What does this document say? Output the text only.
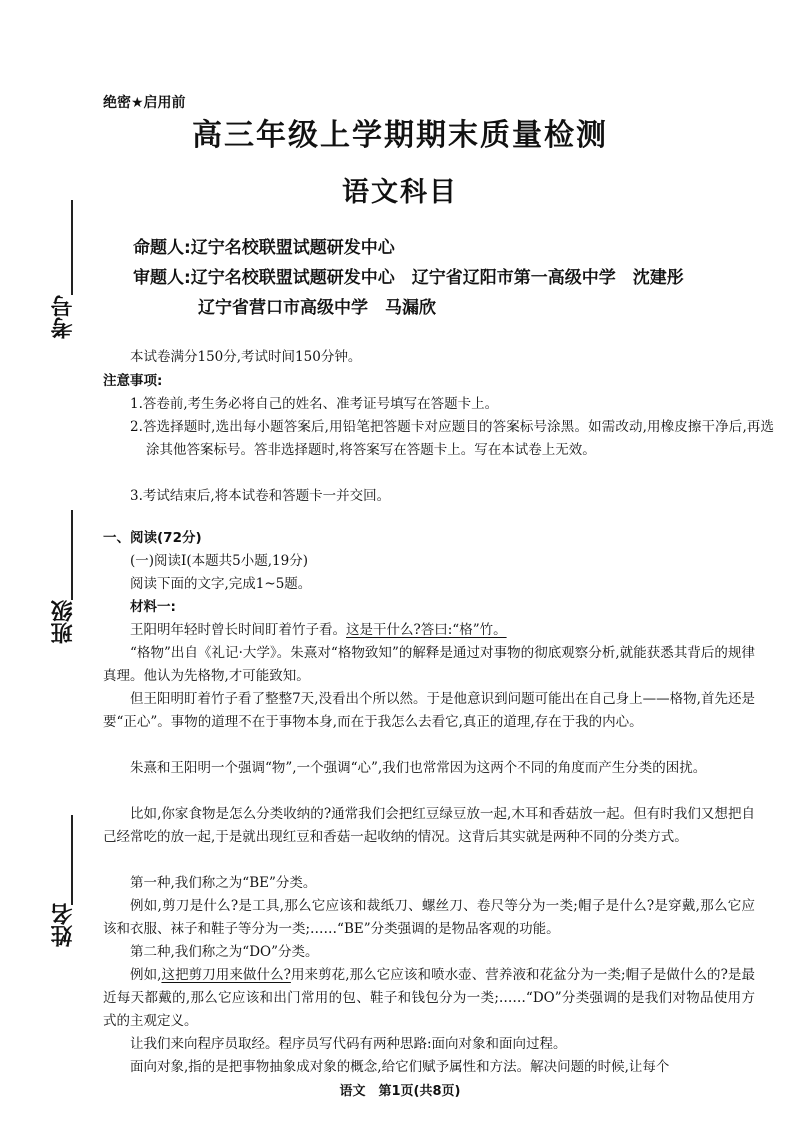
绝密★启用前
高三年级上学期期末质量检测
语文科目
命题人:辽宁名校联盟试题研发中心
审题人:辽宁名校联盟试题研发中心　辽宁省辽阳市第一高级中学　沈建彤
辽宁省营口市高级中学　马漏欣
考号
班级
姓名
本试卷满分150分,考试时间150分钟。
注意事项:
1.答卷前,考生务必将自己的姓名、准考证号填写在答题卡上。
2.答选择题时,选出每小题答案后,用铅笔把答题卡对应题目的答案标号涂黑。如需改动,用橡皮擦干净后,再选涂其他答案标号。答非选择题时,将答案写在答题卡上。写在本试卷上无效。
3.考试结束后,将本试卷和答题卡一并交回。
一、阅读(72分)
(一)阅读Ⅰ(本题共5小题,19分)
阅读下面的文字,完成1~5题。
材料一:
王阳明年轻时曾长时间盯着竹子看。这是干什么?答曰:“格”竹。
“格物”出自《礼记·大学》。朱熹对“格物致知”的解释是通过对事物的彻底观察分析,就能获悉其背后的规律真理。他认为先格物,才可能致知。
但王阳明盯着竹子看了整整7天,没看出个所以然。于是他意识到问题可能出在自己身上——格物,首先还是要“正心”。事物的道理不在于事物本身,而在于我怎么去看它,真正的道理,存在于我的内心。
朱熹和王阳明一个强调“物”,一个强调“心”,我们也常常因为这两个不同的角度而产生分类的困扰。
比如,你家食物是怎么分类收纳的?通常我们会把红豆绿豆放一起,木耳和香菇放一起。但有时我们又想把自己经常吃的放一起,于是就出现红豆和香菇一起收纳的情况。这背后其实就是两种不同的分类方式。
第一种,我们称之为“BE”分类。
例如,剪刀是什么?是工具,那么它应该和裁纸刀、螺丝刀、卷尺等分为一类;帽子是什么?是穿戴,那么它应该和衣服、袜子和鞋子等分为一类;……“BE”分类强调的是物品客观的功能。
第二种,我们称之为“DO”分类。
例如,这把剪刀用来做什么?用来剪花,那么它应该和喷水壶、营养液和花盆分为一类;帽子是做什么的?是最近每天都戴的,那么它应该和出门常用的包、鞋子和钱包分为一类;……“DO”分类强调的是我们对物品使用方式的主观定义。
让我们来向程序员取经。程序员写代码有两种思路:面向对象和面向过程。
面向对象,指的是把事物抽象成对象的概念,给它们赋予属性和方法。解决问题的时候,让每个
语文　第1页(共8页)
